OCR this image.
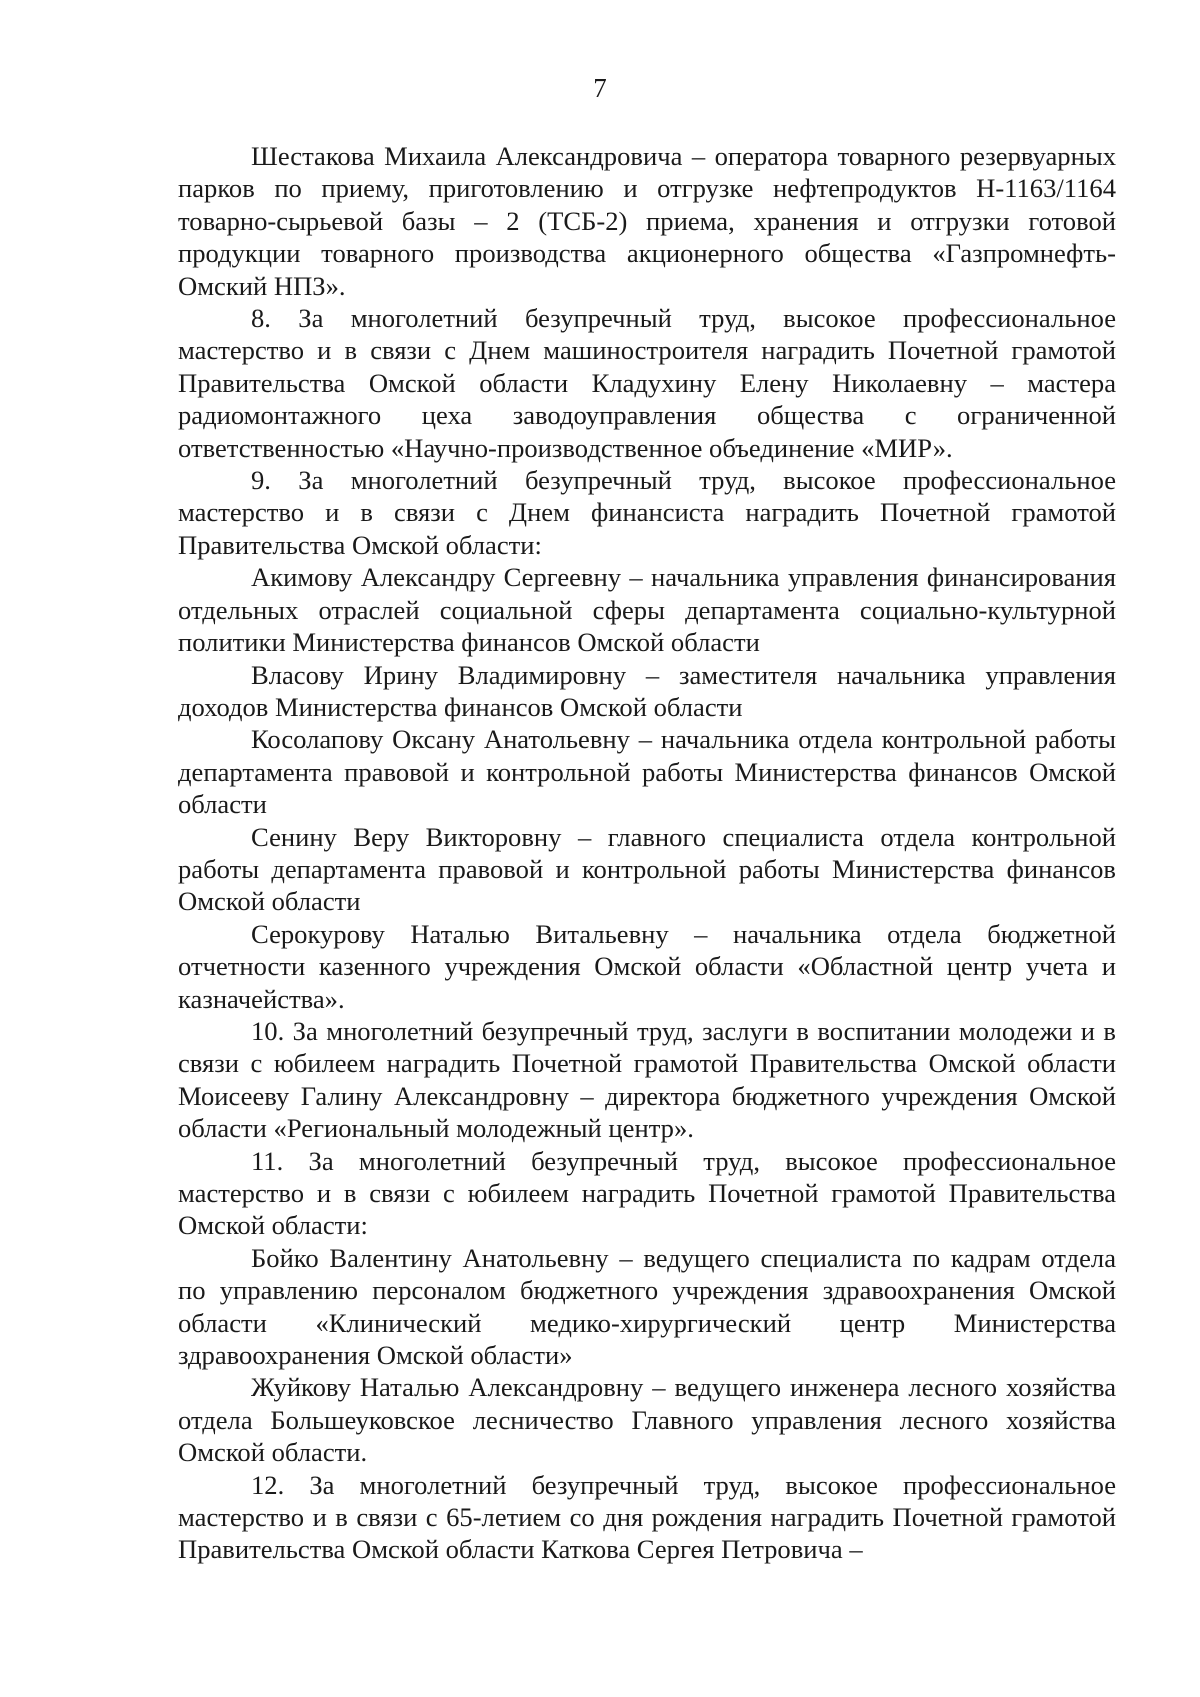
7

Шестакова Михаила Александровича – оператора товарного резервуарных парков по приему, приготовлению и отгрузке нефтепродуктов Н-1163/1164 товарно-сырьевой базы – 2 (ТСБ-2) приема, хранения и отгрузки готовой продукции товарного производства акционерного общества «Газпромнефть-Омский НПЗ».

8. За многолетний безупречный труд, высокое профессиональное мастерство и в связи с Днем машиностроителя наградить Почетной грамотой Правительства Омской области Кладухину Елену Николаевну – мастера радиомонтажного цеха заводоуправления общества с ограниченной ответственностью «Научно-производственное объединение «МИР».

9. За многолетний безупречный труд, высокое профессиональное мастерство и в связи с Днем финансиста наградить Почетной грамотой Правительства Омской области:

Акимову Александру Сергеевну – начальника управления финансирования отдельных отраслей социальной сферы департамента социально-культурной политики Министерства финансов Омской области

Власову Ирину Владимировну – заместителя начальника управления доходов Министерства финансов Омской области

Косолапову Оксану Анатольевну – начальника отдела контрольной работы департамента правовой и контрольной работы Министерства финансов Омской области

Сенину Веру Викторовну – главного специалиста отдела контрольной работы департамента правовой и контрольной работы Министерства финансов Омской области

Серокурову Наталью Витальевну – начальника отдела бюджетной отчетности казенного учреждения Омской области «Областной центр учета и казначейства».

10. За многолетний безупречный труд, заслуги в воспитании молодежи и в связи с юбилеем наградить Почетной грамотой Правительства Омской области Моисееву Галину Александровну – директора бюджетного учреждения Омской области «Региональный молодежный центр».

11. За многолетний безупречный труд, высокое профессиональное мастерство и в связи с юбилеем наградить Почетной грамотой Правительства Омской области:

Бойко Валентину Анатольевну – ведущего специалиста по кадрам отдела по управлению персоналом бюджетного учреждения здравоохранения Омской области «Клинический медико-хирургический центр Министерства здравоохранения Омской области»

Жуйкову Наталью Александровну – ведущего инженера лесного хозяйства отдела Большеуковское лесничество Главного управления лесного хозяйства Омской области.

12. За многолетний безупречный труд, высокое профессиональное мастерство и в связи с 65-летием со дня рождения наградить Почетной грамотой Правительства Омской области Каткова Сергея Петровича –
